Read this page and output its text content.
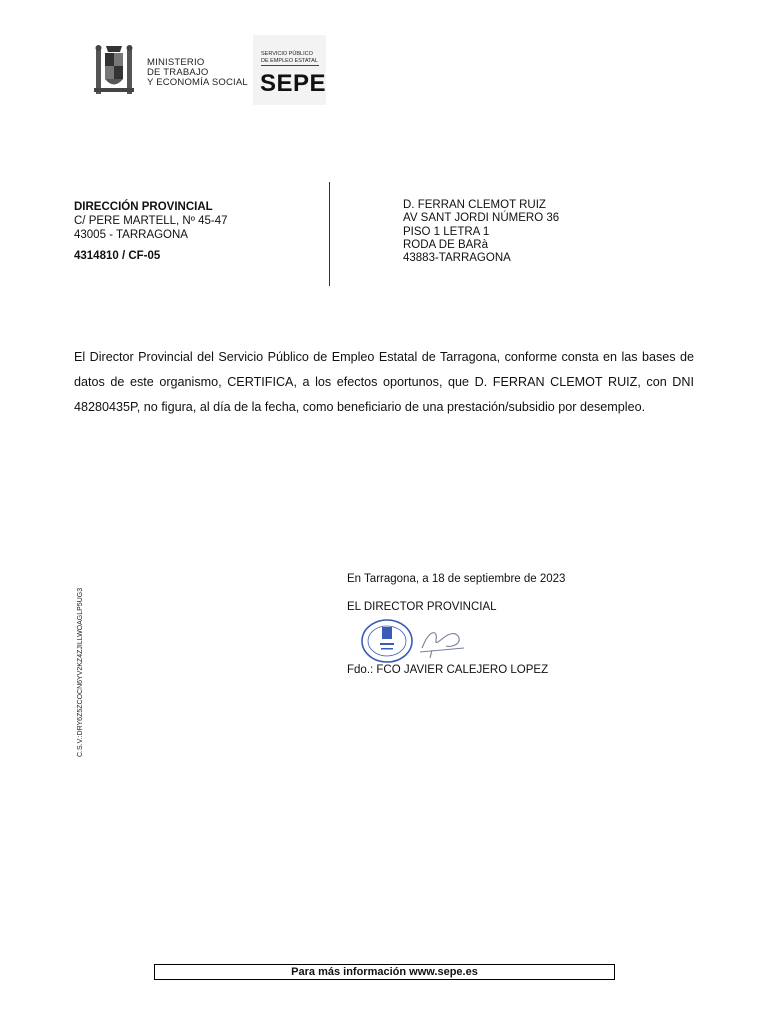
MINISTERIO
DE TRABAJO
Y ECONOMÍA SOCIAL
SERVICIO PÚBLICO
DE EMPLEO ESTATAL
SEPE
DIRECCIÓN PROVINCIAL
C/ PERE MARTELL, Nº 45-47
43005 - TARRAGONA
4314810 / CF-05
D. FERRAN CLEMOT RUIZ
AV SANT JORDI NÚMERO 36
PISO 1 LETRA 1
RODA DE BARà
43883-TARRAGONA
El Director Provincial del Servicio Público de Empleo Estatal de Tarragona, conforme consta en las bases de datos de este organismo, CERTIFICA, a los efectos oportunos, que D. FERRAN CLEMOT RUIZ, con DNI 48280435P, no figura, al día de la fecha, como beneficiario de una prestación/subsidio por desempleo.
C.S.V.:DRY6Z5ZCOCN6YV2KZ4ZJILLWOAGLP5UG3
En Tarragona, a 18 de septiembre de 2023
EL DIRECTOR PROVINCIAL
Fdo.: FCO JAVIER CALEJERO LOPEZ
Para más información www.sepe.es
